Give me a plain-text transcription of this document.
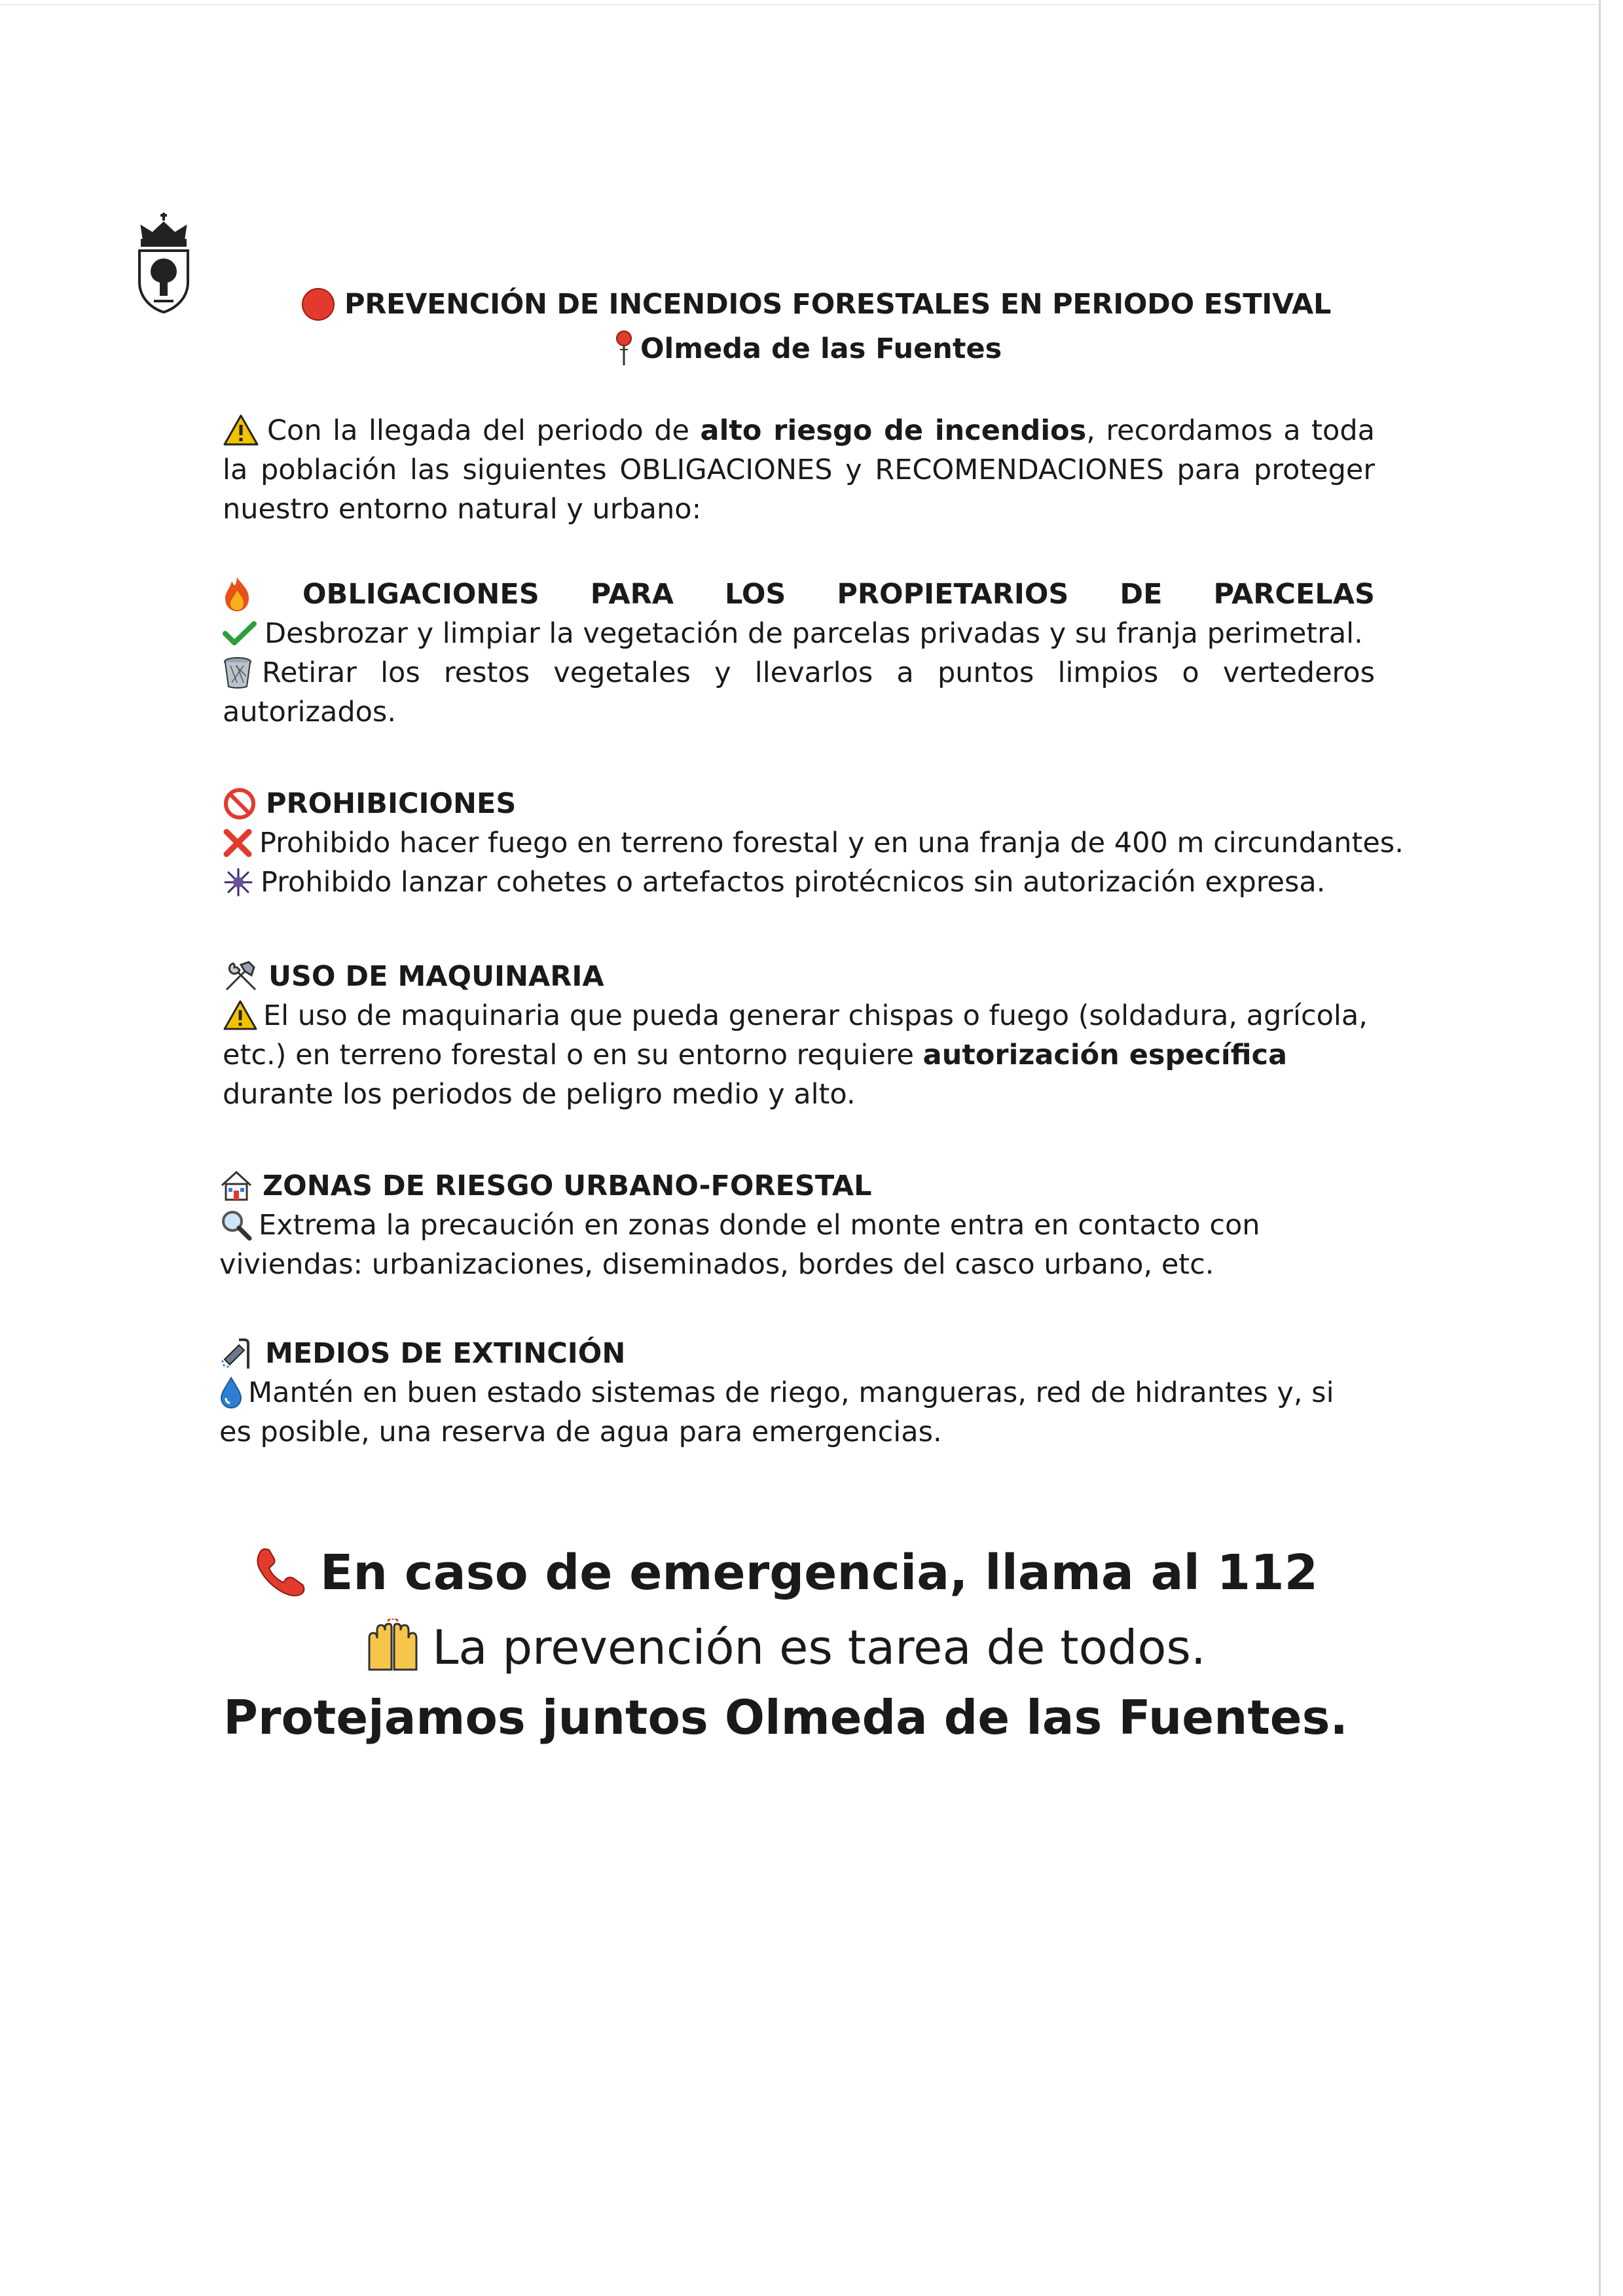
PREVENCIÓN DE INCENDIOS FORESTALES EN PERIODO ESTIVAL
Olmeda de las Fuentes
Con la llegada del periodo de alto riesgo de incendios, recordamos a toda la población las siguientes OBLIGACIONES y RECOMENDACIONES para proteger nuestro entorno natural y urbano:
OBLIGACIONES PARA LOS PROPIETARIOS DE PARCELAS
Desbrozar y limpiar la vegetación de parcelas privadas y su franja perimetral.
Retirar los restos vegetales y llevarlos a puntos limpios o vertederos autorizados.
PROHIBICIONES
Prohibido hacer fuego en terreno forestal y en una franja de 400 m circundantes.
Prohibido lanzar cohetes o artefactos pirotécnicos sin autorización expresa.
USO DE MAQUINARIA
El uso de maquinaria que pueda generar chispas o fuego (soldadura, agrícola, etc.) en terreno forestal o en su entorno requiere autorización específica durante los periodos de peligro medio y alto.
ZONAS DE RIESGO URBANO-FORESTAL
Extrema la precaución en zonas donde el monte entra en contacto con viviendas: urbanizaciones, diseminados, bordes del casco urbano, etc.
MEDIOS DE EXTINCIÓN
Mantén en buen estado sistemas de riego, mangueras, red de hidrantes y, si es posible, una reserva de agua para emergencias.
En caso de emergencia, llama al 112
La prevención es tarea de todos.
Protejamos juntos Olmeda de las Fuentes.
